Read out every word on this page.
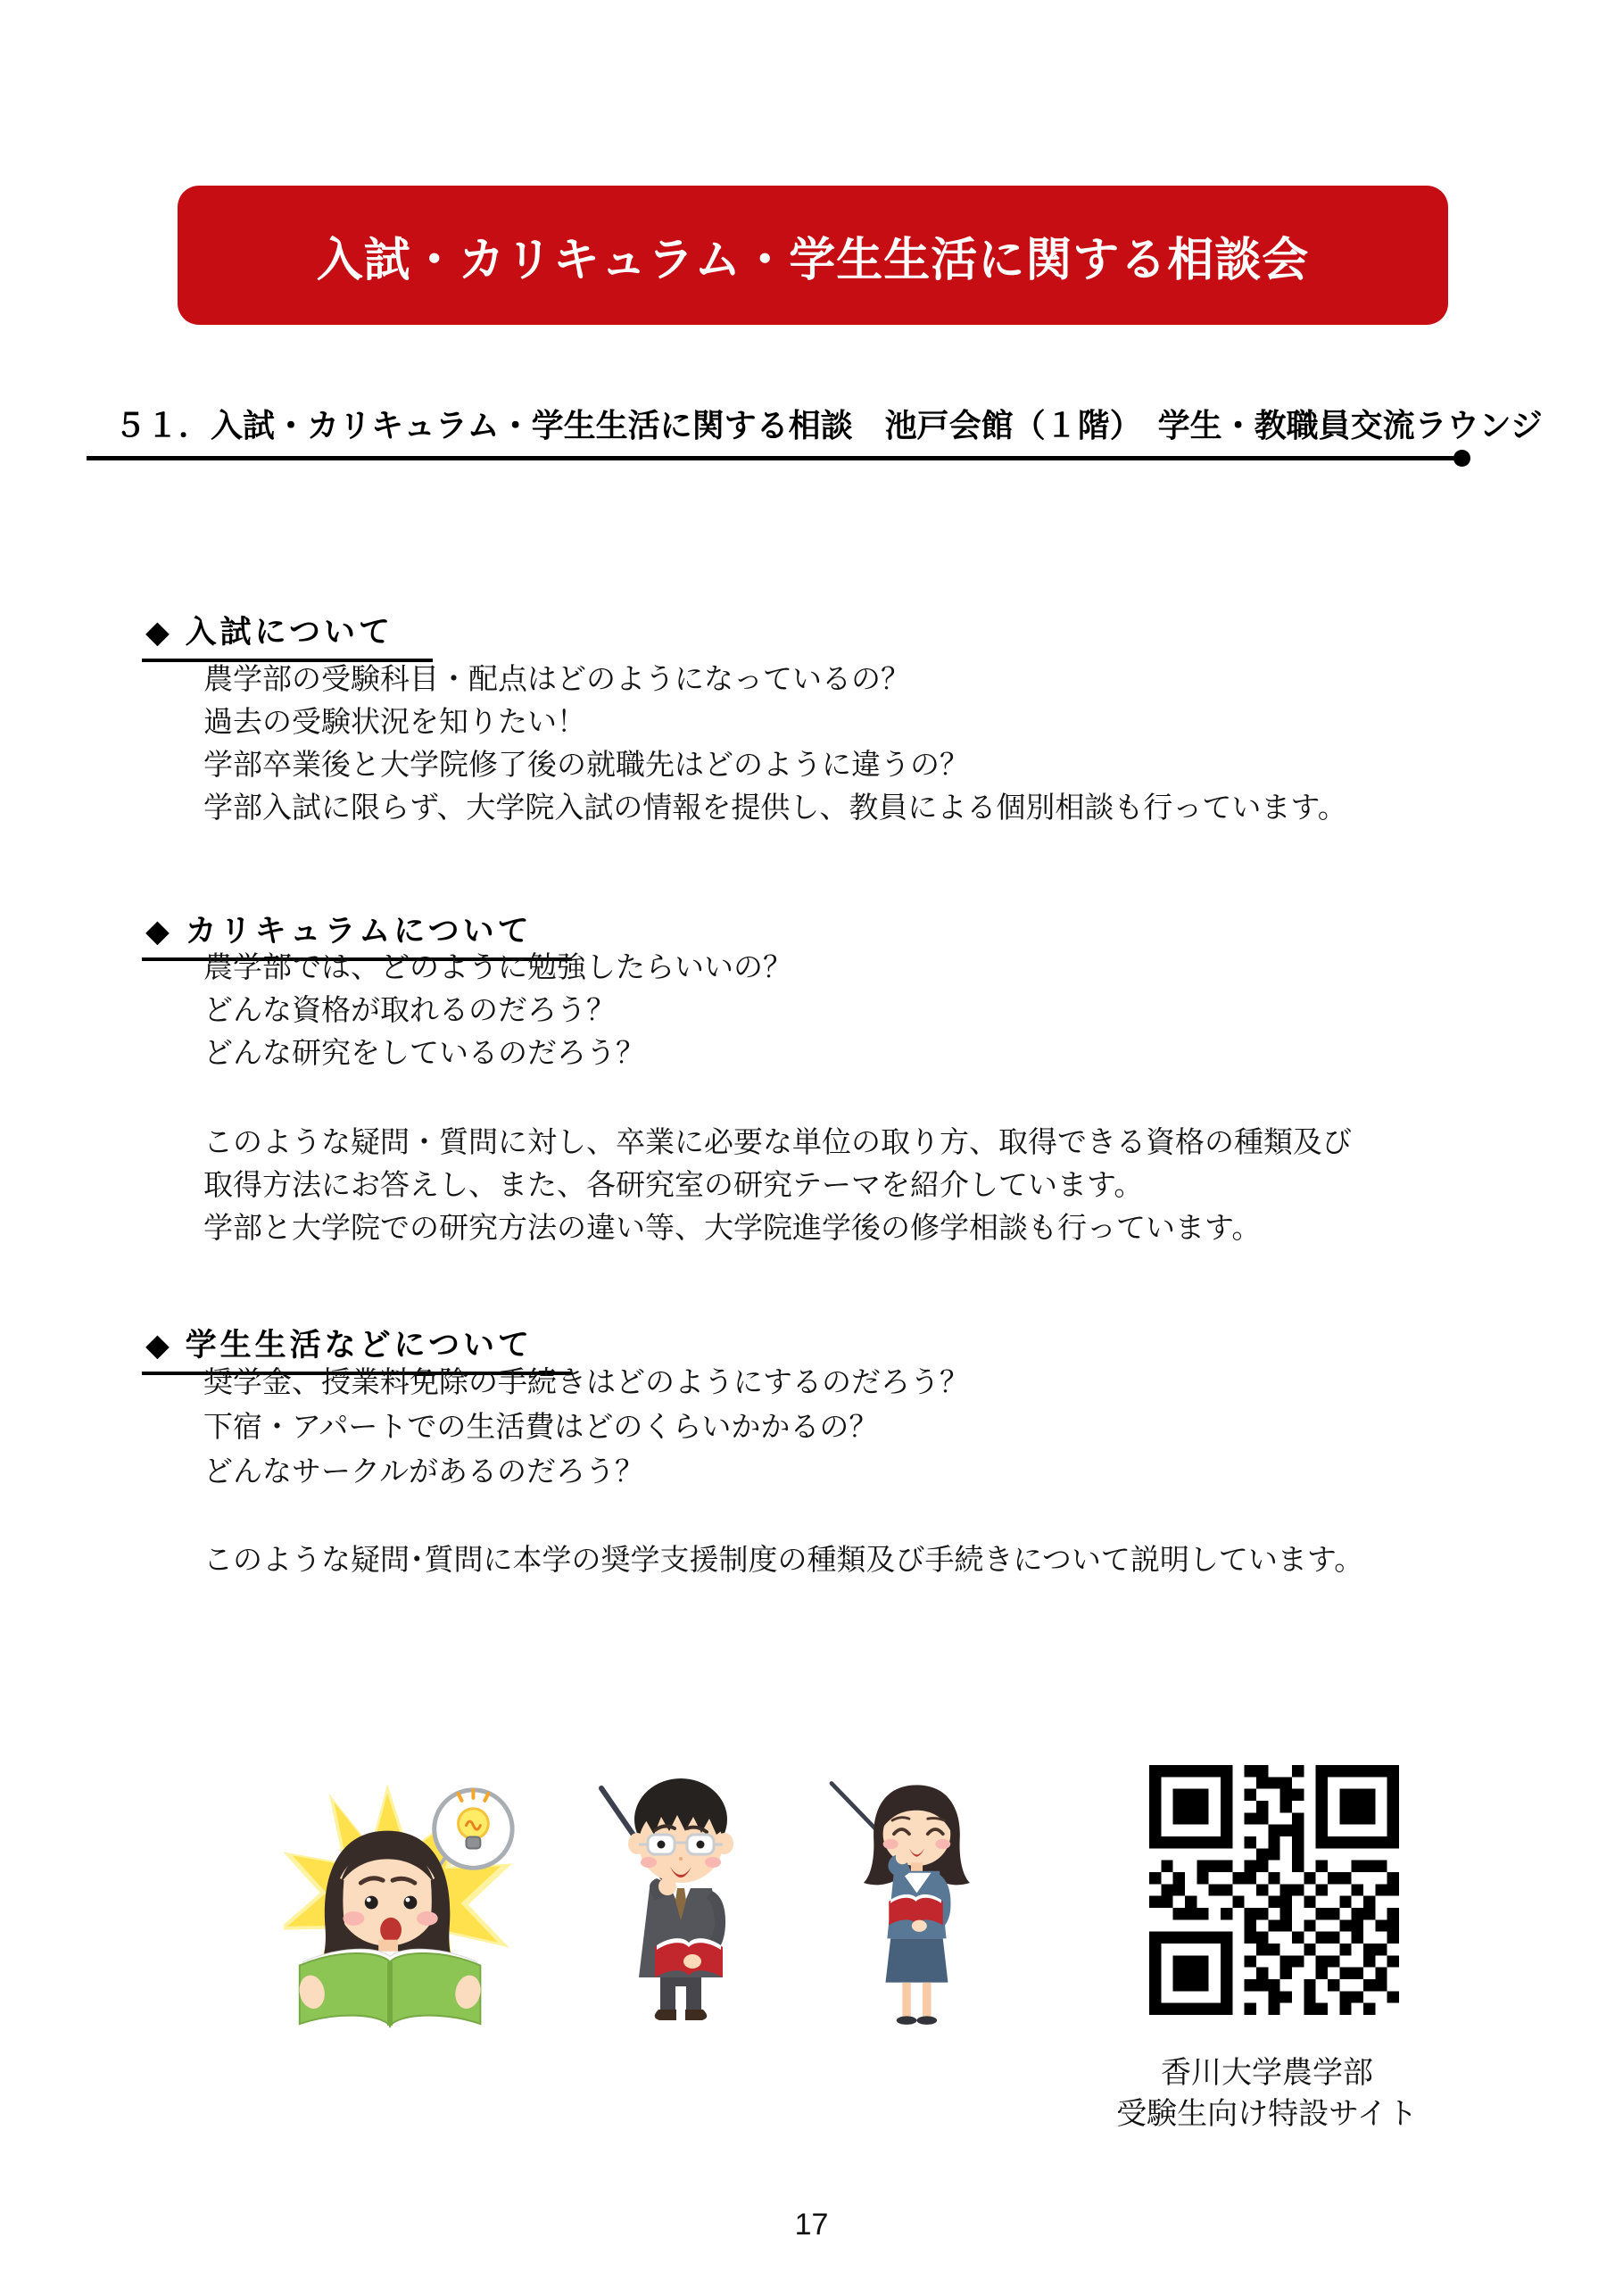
入試・カリキュラム・学生生活に関する相談会
５１．入試・カリキュラム・学生生活に関する相談　池戸会館（１階）　学生・教職員交流ラウンジ
◆ 入試について

農学部の受験科目・配点はどのようになっているの？

過去の受験状況を知りたい！

学部卒業後と大学院修了後の就職先はどのように違うの？

学部入試に限らず、大学院入試の情報を提供し、教員による個別相談も行っています。

◆ カリキュラムについて

農学部では、どのように勉強したらいいの？

どんな資格が取れるのだろう？

どんな研究をしているのだろう？

このような疑問・質問に対し、卒業に必要な単位の取り方、取得できる資格の種類及び

取得方法にお答えし、また、各研究室の研究テーマを紹介しています。

学部と大学院での研究方法の違い等、大学院進学後の修学相談も行っています。

◆ 学生生活などについて

奨学金、授業料免除の手続きはどのようにするのだろう？

下宿・アパートでの生活費はどのくらいかかるの？

どんなサークルがあるのだろう？

このような疑問･質問に本学の奨学支援制度の種類及び手続きについて説明しています。

香川大学農学部
受験生向け特設サイト
17
